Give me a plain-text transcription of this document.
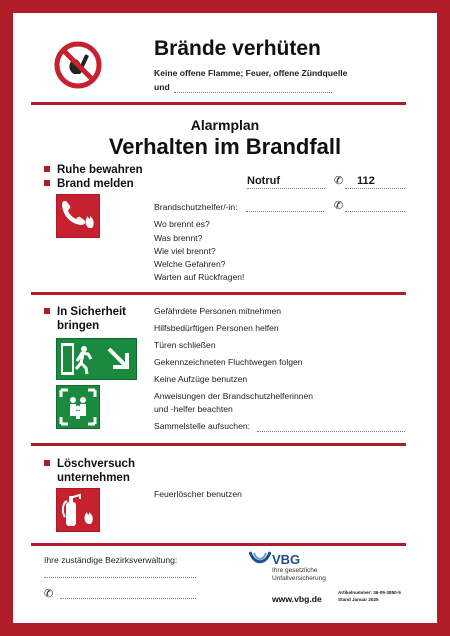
Brände verhüten
Keine offene Flamme; Feuer, offene Zündquelle
und
Alarmplan
Verhalten im Brandfall
Ruhe bewahren
Brand melden	Notruf	✆ 112
Brandschutzhelfer/-in:	✆
Wo brennt es?
Was brennt?
Wie viel brennt?
Welche Gefahren?
Warten auf Rückfragen!
In Sicherheit
bringen
Gefährdete Personen mitnehmen
Hilfsbedürftigen Personen helfen
Türen schließen
Gekennzeichneten Fluchtwegen folgen
Keine Aufzüge benutzen
Anweisungen der Brandschutzhelferinnen
und -helfer beachten
Sammelstelle aufsuchen:
Löschversuch
unternehmen
Feuerlöscher benutzen
Ihre zuständige Bezirksverwaltung:
✆
VBG
Ihre gesetzliche
Unfallversicherung
www.vbg.de
Artikelnummer: 36-05-3850-5
Stand Januar 2025
